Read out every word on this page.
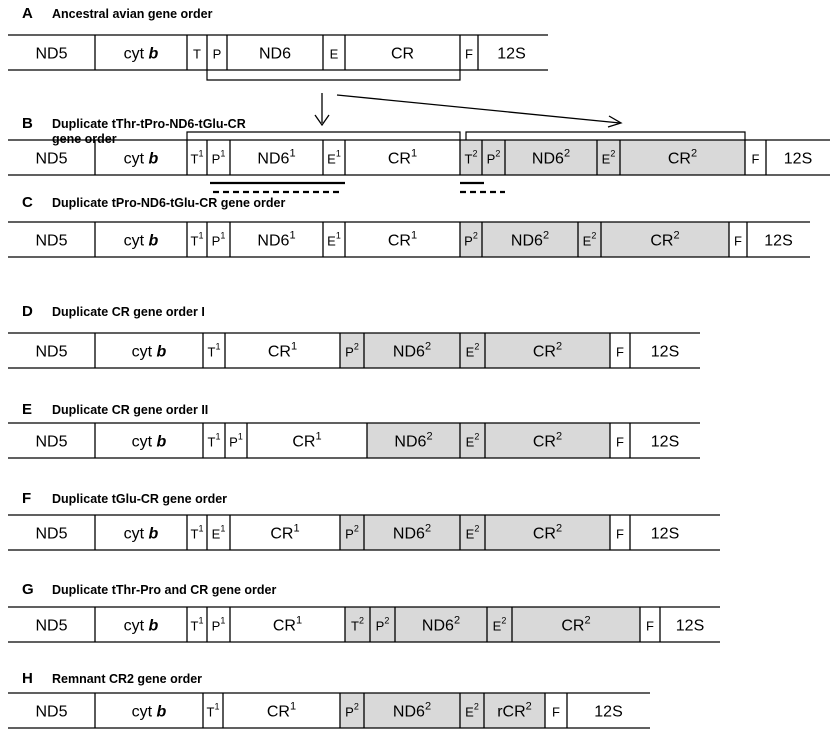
A Ancestral avian gene order
ND5	cyt b	T P ND6	E	CR	F 12S
B Duplicate tThr-tPro-ND6-tGlu-CR
gene order
ND5	cyt b $T^1$ $P^1$ $ND6^1$ $E^1$	$CR^1$	$T^2$ $P^2$ $ND6^2$ $E^2$	$CR^2$	F 12S
C Duplicate tPro-ND6-tGlu-CR gene order
ND5	cyt b $T^1$ $P^1$ $ND6^1$ $E^1$	$CR^1$	$P^2$ $ND6^2$	$E^2$	$CR^2$	F 12S
D Duplicate CR gene order I
ND5	cyt b	$T^1$	$CR^1$	$P^2$ $ND6^2$	$E^2$	$CR^2$	F 12S
E Duplicate CR gene order II
ND5	cyt b	$T^1$ $P^1$	$CR^1$	$ND6^2$	$E^2$	$CR^2$	F 12S
F Duplicate tGlu-CR gene order
ND5	cyt b $T^1$ $E^1$	$CR^1$	$P^2$ $ND6^2$	$E^2$	$CR^2$	F 12S
G Duplicate tThr-Pro and CR gene order
ND5	cyt b $T^1$ $P^1$	$CR^1$	$T^2$ $P^2$ $ND6^2$	$E^2$	$CR^2$	F 12S
H Remnant CR2 gene order
ND5	cyt b	$T^1$	$CR^1$	$P^2$ $ND6^2$	$E^2$ rCR$^2$ F 12S
